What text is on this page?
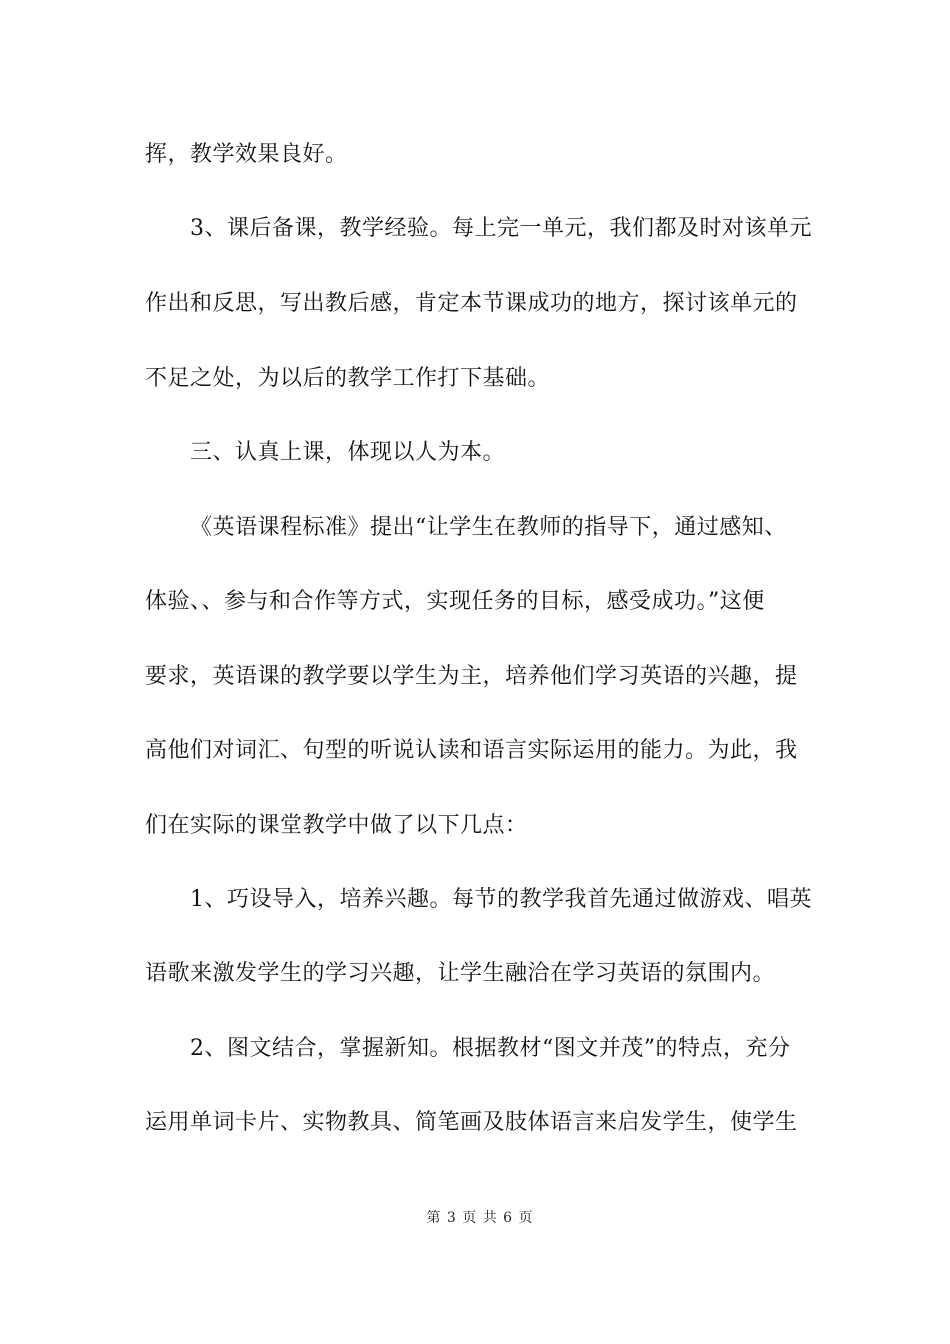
挥，教学效果良好。
3、课后备课，教学经验。每上完一单元，我们都及时对该单元
作出和反思，写出教后感，肯定本节课成功的地方，探讨该单元的
不足之处，为以后的教学工作打下基础。
三、认真上课，体现以人为本。
《英语课程标准》提出“让学生在教师的指导下，通过感知、
体验、、参与和合作等方式，实现任务的目标，感受成功。”这便
要求，英语课的教学要以学生为主，培养他们学习英语的兴趣，提
高他们对词汇、句型的听说认读和语言实际运用的能力。为此，我
们在实际的课堂教学中做了以下几点：
1、巧设导入，培养兴趣。每节的教学我首先通过做游戏、唱英
语歌来激发学生的学习兴趣，让学生融洽在学习英语的氛围内。
2、图文结合，掌握新知。根据教材“图文并茂”的特点，充分
运用单词卡片、实物教具、简笔画及肢体语言来启发学生，使学生
第 3 页 共 6 页
